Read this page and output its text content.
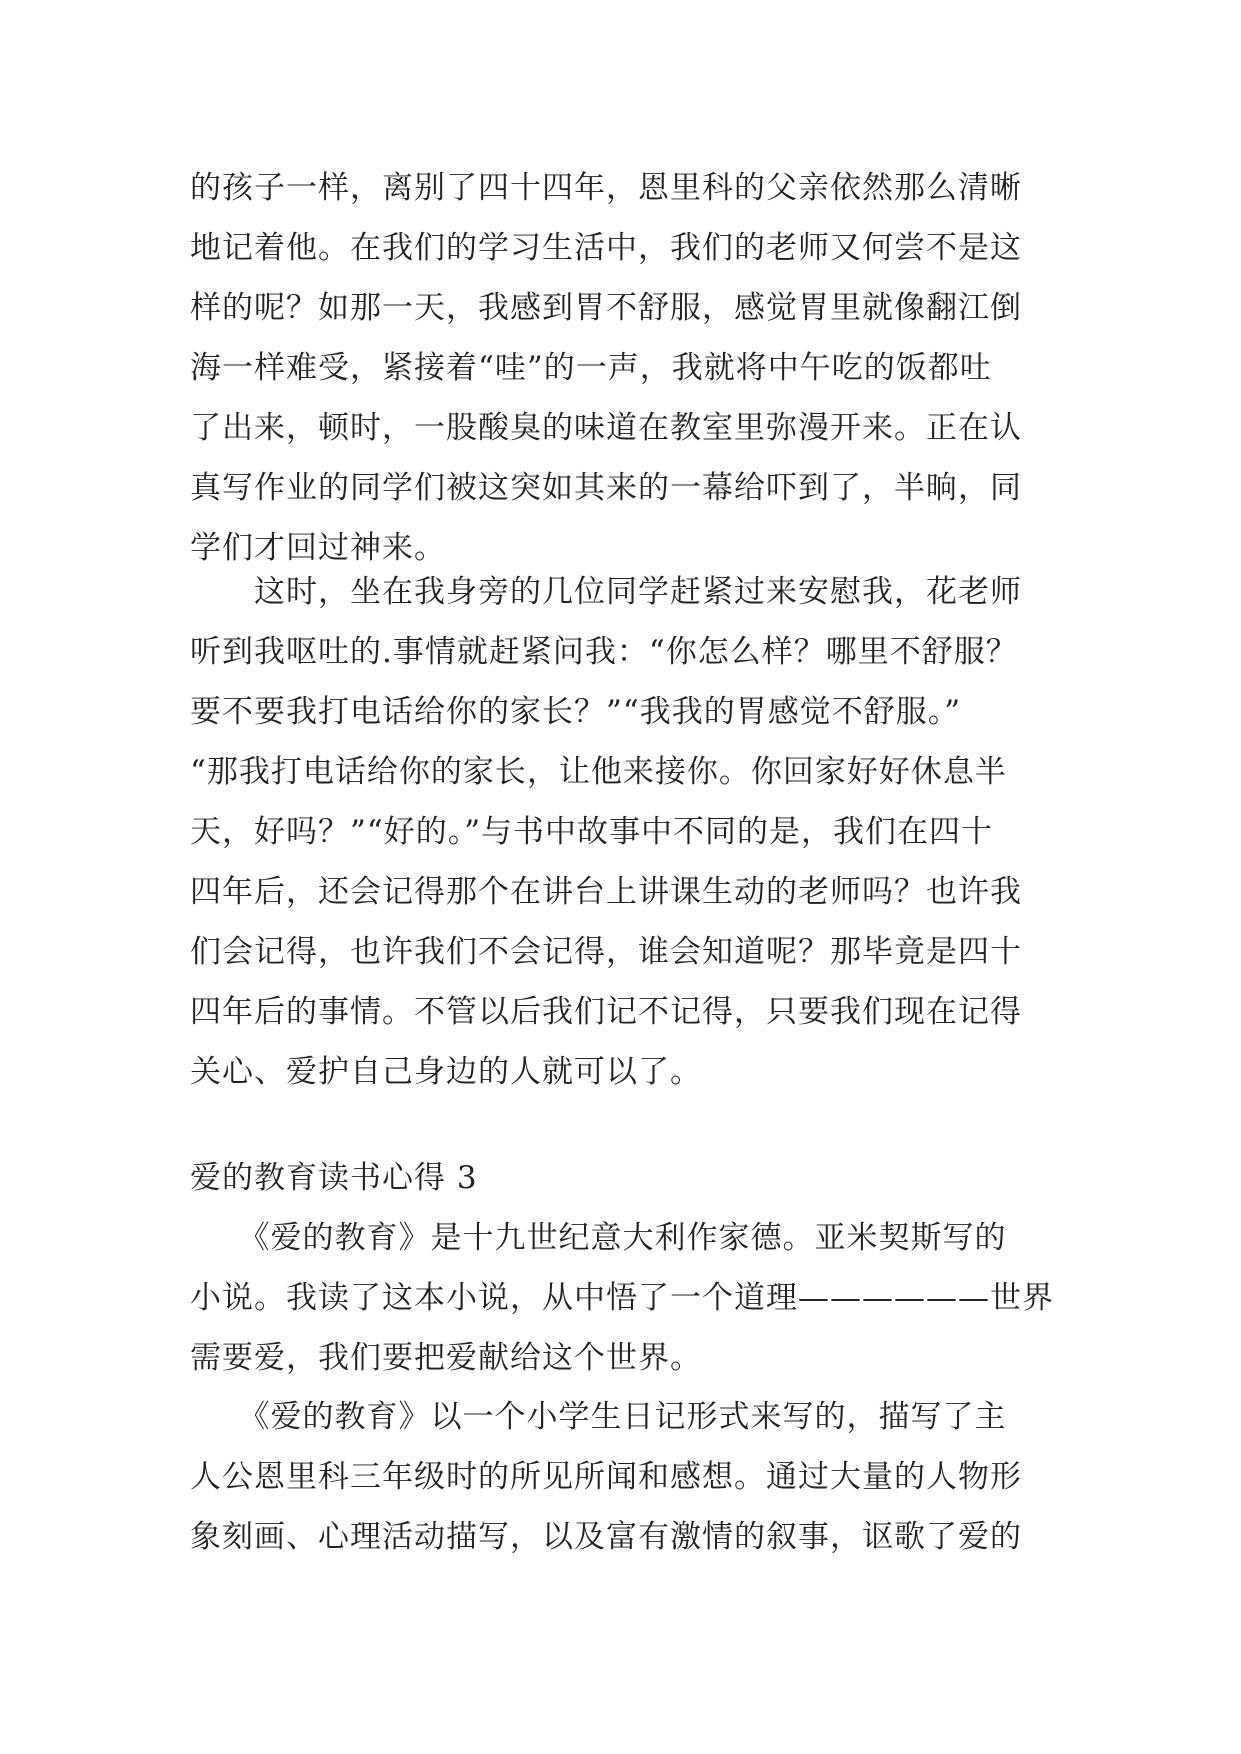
的孩子一样，离别了四十四年，恩里科的父亲依然那么清晰
地记着他。在我们的学习生活中，我们的老师又何尝不是这
样的呢？如那一天，我感到胃不舒服，感觉胃里就像翻江倒
海一样难受，紧接着“哇”的一声，我就将中午吃的饭都吐
了出来，顿时，一股酸臭的味道在教室里弥漫开来。正在认
真写作业的同学们被这突如其来的一幕给吓到了，半晌，同
学们才回过神来。
　　这时，坐在我身旁的几位同学赶紧过来安慰我，花老师
听到我呕吐的.事情就赶紧问我：“你怎么样？哪里不舒服？
要不要我打电话给你的家长？”“我我的胃感觉不舒服。”
“那我打电话给你的家长，让他来接你。你回家好好休息半
天，好吗？”“好的。”与书中故事中不同的是，我们在四十
四年后，还会记得那个在讲台上讲课生动的老师吗？也许我
们会记得，也许我们不会记得，谁会知道呢？那毕竟是四十
四年后的事情。不管以后我们记不记得，只要我们现在记得
关心、爱护自己身边的人就可以了。
爱的教育读书心得 3
　　《爱的教育》是十九世纪意大利作家德。亚米契斯写的
小说。我读了这本小说，从中悟了一个道理——————世界
需要爱，我们要把爱献给这个世界。
　　《爱的教育》以一个小学生日记形式来写的，描写了主
人公恩里科三年级时的所见所闻和感想。通过大量的人物形
象刻画、心理活动描写，以及富有激情的叙事，讴歌了爱的
